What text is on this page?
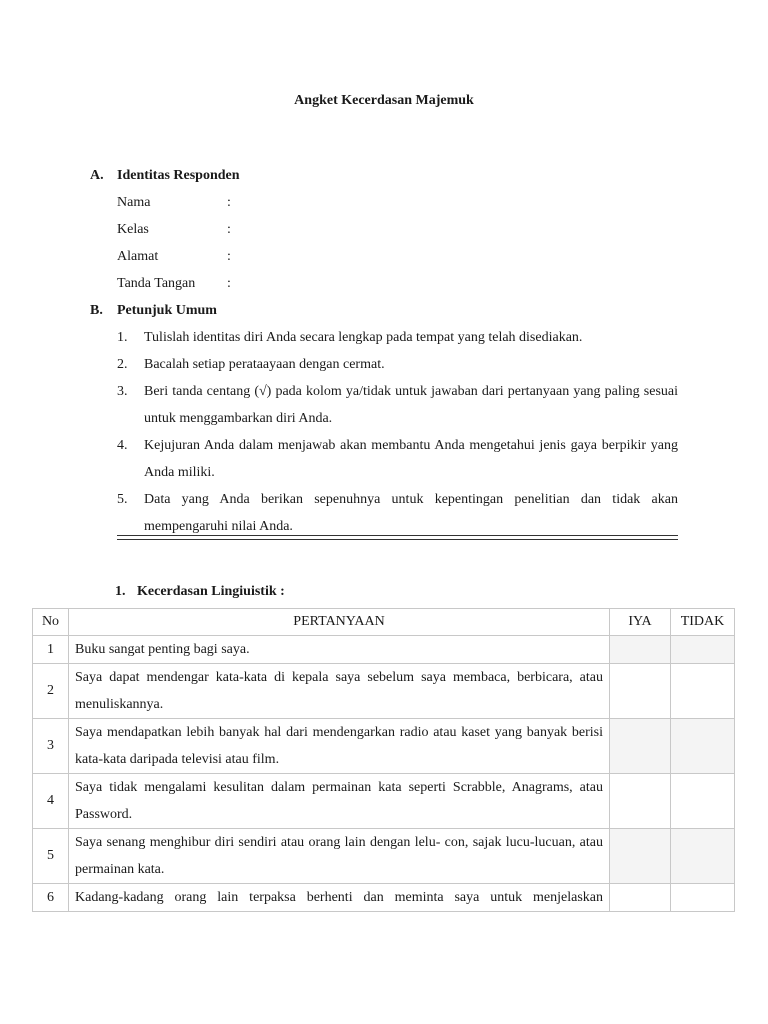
Angket Kecerdasan Majemuk
A. Identitas Responden
Nama	:
Kelas	:
Alamat	:
Tanda Tangan :
B. Petunjuk Umum
1.	Tulislah identitas diri Anda secara lengkap pada tempat yang telah disediakan.
2.	Bacalah setiap perataayaan dengan cermat.
3.	Beri tanda centang (√) pada kolom ya/tidak untuk jawaban dari pertanyaan yang paling sesuai untuk menggambarkan diri Anda.
4.	Kejujuran Anda dalam menjawab akan membantu Anda mengetahui jenis gaya berpikir yang Anda miliki.
5.	Data yang Anda berikan sepenuhnya untuk kepentingan penelitian dan tidak akan mempengaruhi nilai Anda.
1. Kecerdasan Lingiuistik :
No	PERTANYAAN	IYA	TIDAK
1	Buku sangat penting bagi saya.		
2	Saya dapat mendengar kata-kata di kepala saya sebelum saya membaca, berbicara, atau menuliskannya.		
3	Saya mendapatkan lebih banyak hal dari mendengarkan radio atau kaset yang banyak berisi kata-kata daripada televisi atau film.		
4	Saya tidak mengalami kesulitan dalam permainan kata seperti Scrabble, Anagrams, atau Password.		
5	Saya senang menghibur diri sendiri atau orang lain dengan lelu- con, sajak lucu-lucuan, atau permainan kata.		
6	Kadang-kadang orang lain terpaksa berhenti dan meminta saya untuk menjelaskan		
